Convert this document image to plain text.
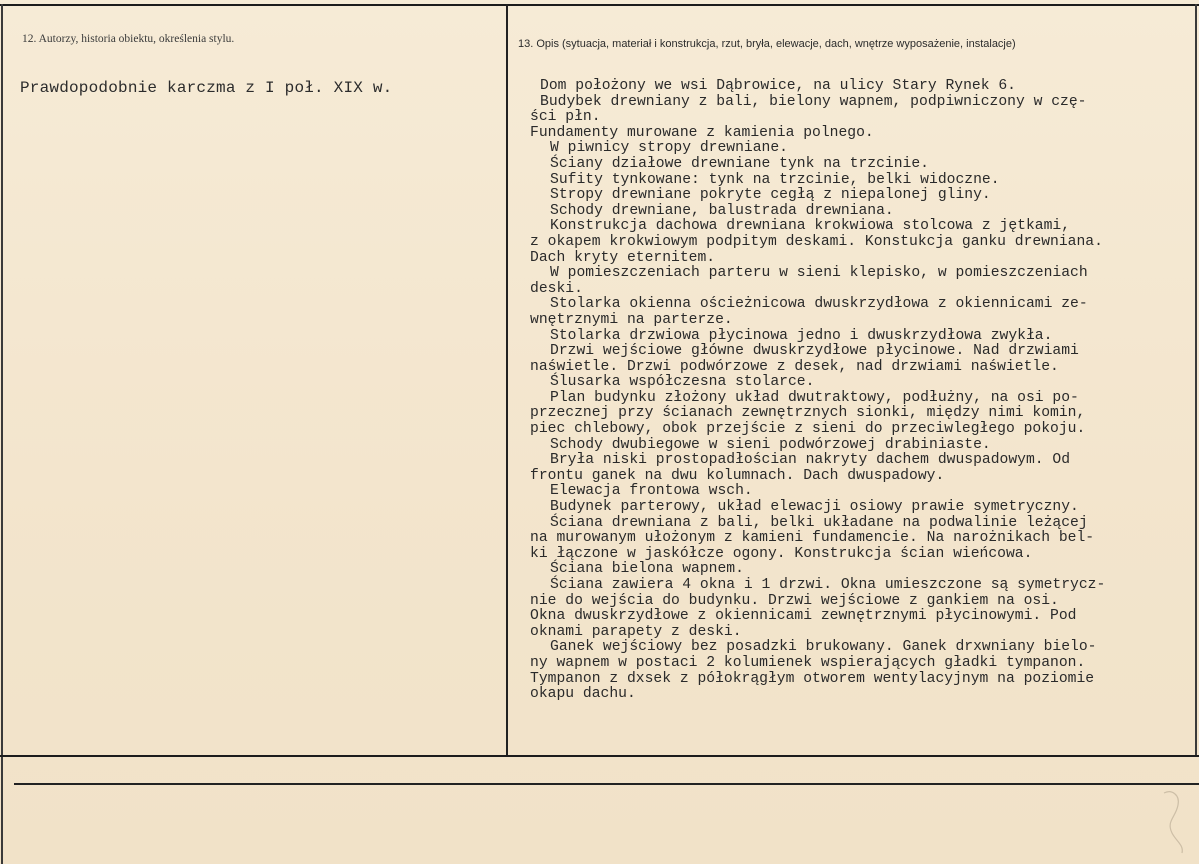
12. Autorzy, historia obiektu, określenia stylu.
Prawdopodobnie karczma z I poł. XIX w.
13. Opis (sytuacja, materiał i konstrukcja, rzut, bryła, elewacje, dach, wnętrze wyposażenie, instalacje)
Dom położony we wsi Dąbrowice, na ulicy Stary Rynek 6.
Budybek drewniany z bali, bielony wapnem, podpiwniczony w czę-
ści płn.
Fundamenty murowane z kamienia polnego.
W piwnicy stropy drewniane.
Ściany działowe drewniane tynk na trzcinie.
Sufity tynkowane: tynk na trzcinie, belki widoczne.
Stropy drewniane pokryte cegłą z niepalonej gliny.
Schody drewniane, balustrada drewniana.
Konstrukcja dachowa drewniana krokwiowa stolcowa z jętkami,
z okapem krokwiowym podpitym deskami. Konstukcja ganku drewniana.
Dach kryty eternitem.
W pomieszczeniach parteru w sieni klepisko, w pomieszczeniach
deski.
Stolarka okienna ościeżnicowa dwuskrzydłowa z okiennicami ze-
wnętrznymi na parterze.
Stolarka drzwiowa płycinowa jedno i dwuskrzydłowa zwykła.
Drzwi wejściowe główne dwuskrzydłowe płycinowe. Nad drzwiami
naświetle. Drzwi podwórzowe z desek, nad drzwiami naświetle.
Ślusarka współczesna stolarce.
Plan budynku złożony układ dwutraktowy, podłużny, na osi po-
przecznej przy ścianach zewnętrznych sionki, między nimi komin,
piec chlebowy, obok przejście z sieni do przeciwległego pokoju.
Schody dwubiegowe w sieni podwórzowej drabiniaste.
Bryła niski prostopadłościan nakryty dachem dwuspadowym. Od
frontu ganek na dwu kolumnach. Dach dwuspadowy.
Elewacja frontowa wsch.
Budynek parterowy, układ elewacji osiowy prawie symetryczny.
Ściana drewniana z bali, belki układane na podwalinie leżącej
na murowanym ułożonym z kamieni fundamencie. Na narożnikach bel-
ki łączone w jaskółcze ogony. Konstrukcja ścian wieńcowa.
Ściana bielona wapnem.
Ściana zawiera 4 okna i 1 drzwi. Okna umieszczone są symetrycz-
nie do wejścia do budynku. Drzwi wejściowe z gankiem na osi.
Okna dwuskrzydłowe z okiennicami zewnętrznymi płycinowymi. Pod
oknami parapety z deski.
Ganek wejściowy bez posadzki brukowany. Ganek drxwniany bielo-
ny wapnem w postaci 2 kolumienek wspierających gładki tympanon.
Tympanon z dxsek z półokrągłym otworem wentylacyjnym na poziomie
okapu dachu.
